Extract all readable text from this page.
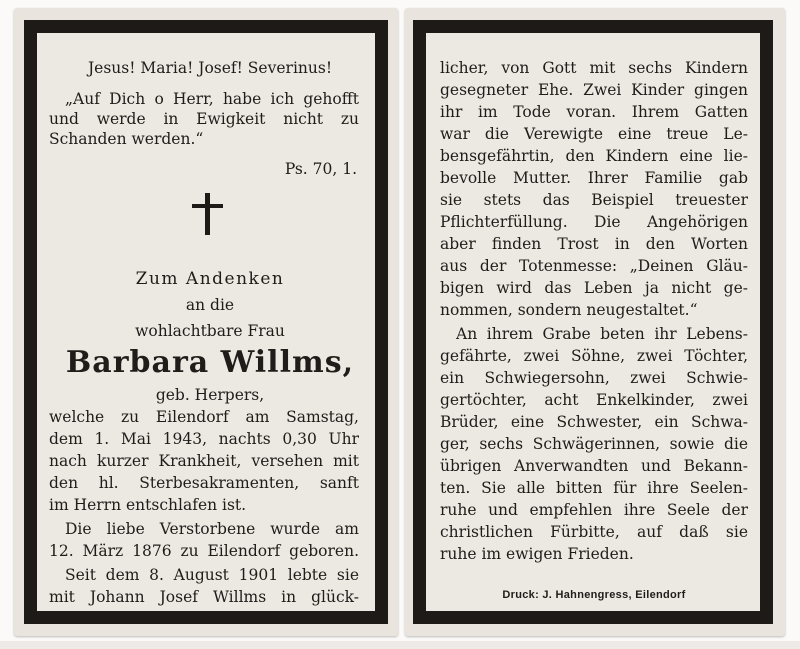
Jesus! Maria! Josef! Severinus!
„Auf Dich o Herr, habe ich gehofft
und werde in Ewigkeit nicht zu
Schanden werden.“
Ps. 70, 1.
Zum Andenken
an die
wohlachtbare Frau
Barbara Willms,
geb. Herpers,
welche zu Eilendorf am Samstag,
dem 1. Mai 1943, nachts 0,30 Uhr
nach kurzer Krankheit, versehen mit
den hl. Sterbesakramenten, sanft
im Herrn entschlafen ist.
Die liebe Verstorbene wurde am
12. März 1876 zu Eilendorf geboren.
Seit dem 8. August 1901 lebte sie
mit Johann Josef Willms in glück-
licher, von Gott mit sechs Kindern
gesegneter Ehe. Zwei Kinder gingen
ihr im Tode voran. Ihrem Gatten
war die Verewigte eine treue Le-
bensgefährtin, den Kindern eine lie-
bevolle Mutter. Ihrer Familie gab
sie stets das Beispiel treuester
Pflichterfüllung. Die Angehörigen
aber finden Trost in den Worten
aus der Totenmesse: „Deinen Gläu-
bigen wird das Leben ja nicht ge-
nommen, sondern neugestaltet.“
An ihrem Grabe beten ihr Lebens-
gefährte, zwei Söhne, zwei Töchter,
ein Schwiegersohn, zwei Schwie-
gertöchter, acht Enkelkinder, zwei
Brüder, eine Schwester, ein Schwa-
ger, sechs Schwägerinnen, sowie die
übrigen Anverwandten und Bekann-
ten. Sie alle bitten für ihre Seelen-
ruhe und empfehlen ihre Seele der
christlichen Fürbitte, auf daß sie
ruhe im ewigen Frieden.
Druck: J. Hahnengress, Eilendorf
